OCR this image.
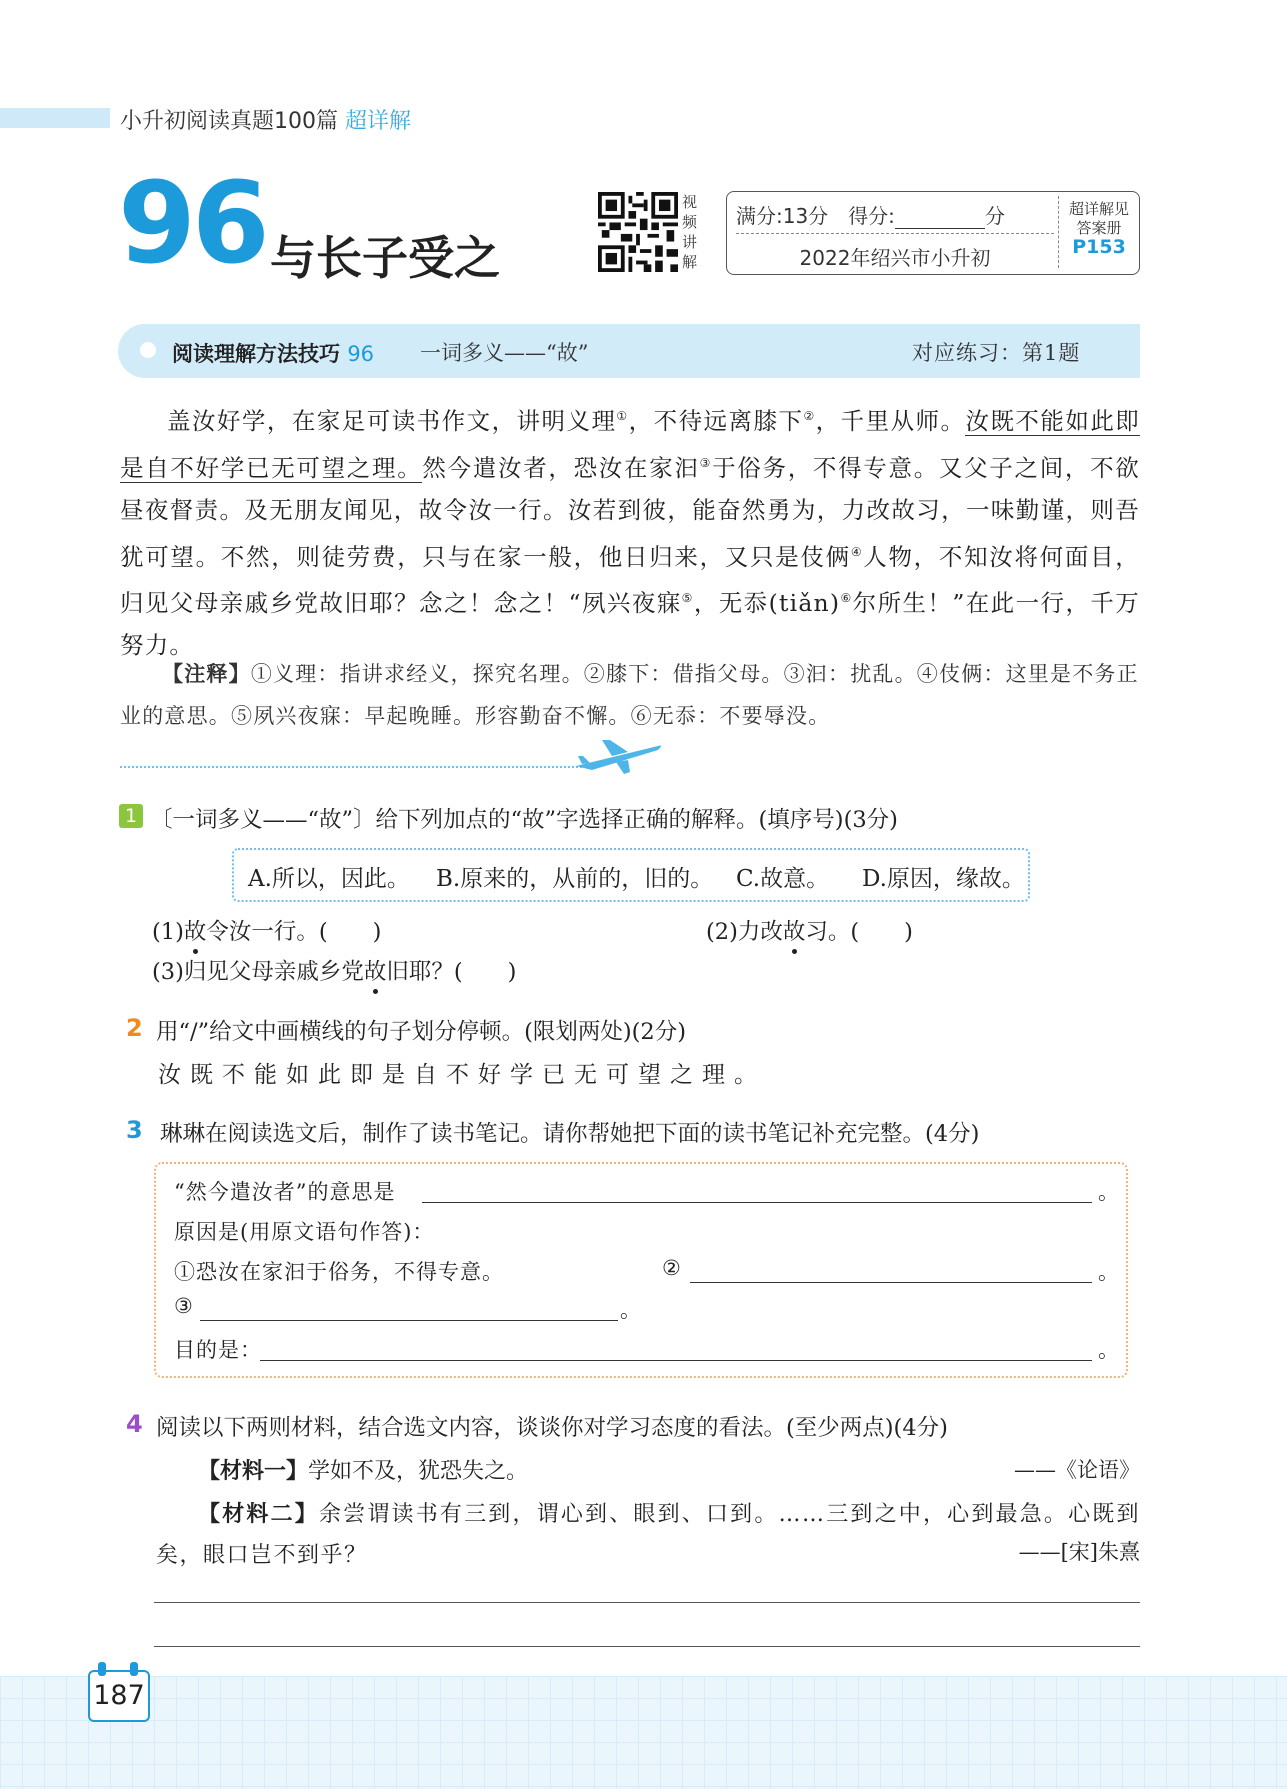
小升初阅读真题100篇 超详解
96 与长子受之
视
频
讲
解
满分:13分　得分:	分
2022年绍兴市小升初
超详解见
答案册
P153
阅读理解方法技巧 96 一词多义——“故”	对应练习：第1题
盖汝好学，在家足可读书作文，讲明义理①，不待远离膝下②，千里从师。汝既不能如此即是自不好学已无可望之理。然今遣汝者，恐汝在家汩③于俗务，不得专意。又父子之间，不欲昼夜督责。及无朋友闻见，故令汝一行。汝若到彼，能奋然勇为，力改故习，一味勤谨，则吾犹可望。不然，则徒劳费，只与在家一般，他日归来，又只是伎俩④人物，不知汝将何面目，归见父母亲戚乡党故旧耶？念之！念之！“夙兴夜寐⑤，无忝(tiǎn)⑥尔所生！”在此一行，千万努力。
【注释】①义理：指讲求经义，探究名理。②膝下：借指父母。③汩：扰乱。④伎俩：这里是不务正业的意思。⑤夙兴夜寐：早起晚睡。形容勤奋不懈。⑥无忝：不要辱没。
1 〔一词多义——“故”〕给下列加点的“故”字选择正确的解释。(填序号)(3分)
A.所以，因此。 B.原来的，从前的，旧的。 C.故意。 D.原因，缘故。
(1)故令汝一行。(　　)	(2)力改故习。(　　)
(3)归见父母亲戚乡党故旧耶？(　　)
2 用“/”给文中画横线的句子划分停顿。(限划两处)(2分)
汝既不能如此即是自不好学已无可望之理。
3 琳琳在阅读选文后，制作了读书笔记。请你帮她把下面的读书笔记补充完整。(4分)
“然今遣汝者”的意思是	。
原因是(用原文语句作答)：
①恐汝在家汩于俗务，不得专意。	②	。
③	。
目的是：	。
4 阅读以下两则材料，结合选文内容，谈谈你对学习态度的看法。(至少两点)(4分)
【材料一】学如不及，犹恐失之。	——《论语》
【材料二】余尝谓读书有三到，谓心到、眼到、口到。……三到之中，心到最急。心既到矣，眼口岂不到乎？	——[宋]朱熹
187
